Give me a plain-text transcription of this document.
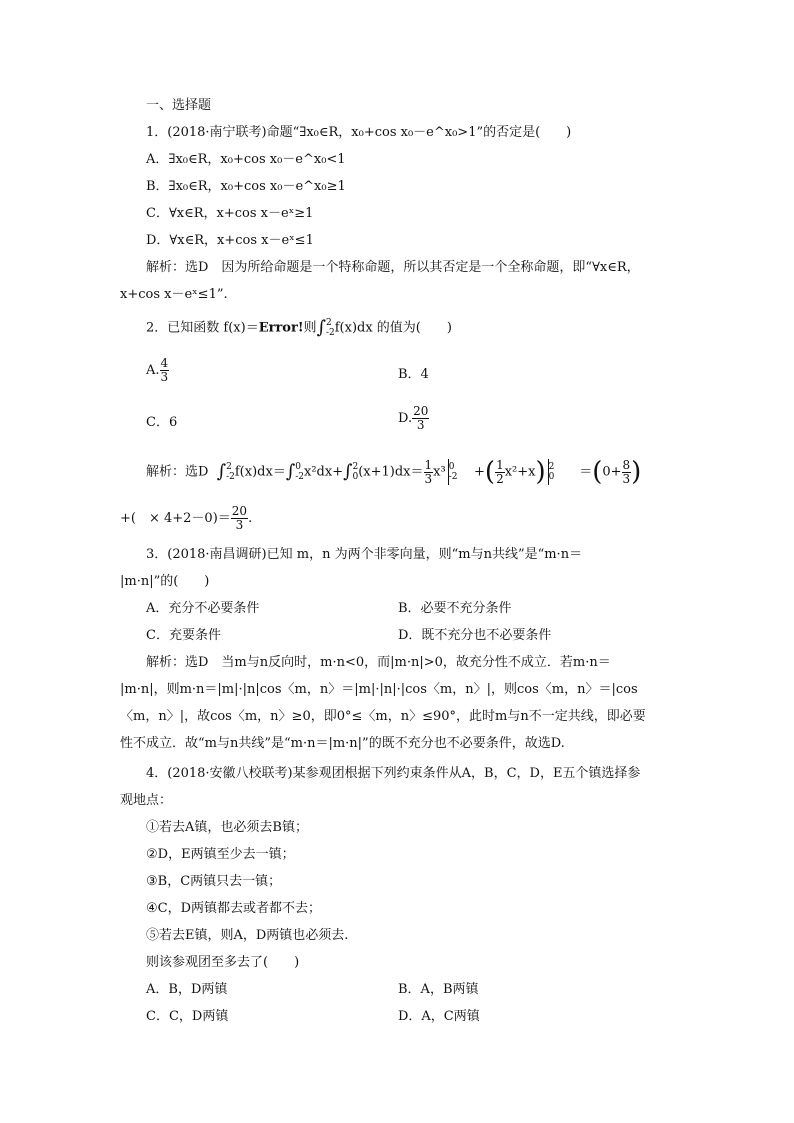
一、选择题
1．(2018·南宁联考)命题“∃x₀∈R，x₀+cos x₀－e^x₀>1”的否定是(　　)
A．∃x₀∈R，x₀+cos x₀－e^x₀<1
B．∃x₀∈R，x₀+cos x₀－e^x₀≥1
C．∀x∈R，x+cos x－eˣ≥1
D．∀x∈R，x+cos x－eˣ≤1
解析：选D　因为所给命题是一个特称命题，所以其否定是一个全称命题，即“∀x∈R，
x+cos x－eˣ≤1”.
2．已知函数 f(x)＝Error!则∫ 2
-2 f(x)dx 的值为(　　)
A. $\frac{4}{3}$	B．4
C．6	D. $\frac{20}{3}$
解析：选D ∫ 2
-2 f(x)dx＝∫ 0
-2 x²dx+∫ 2
0 $(x+1)dx= \frac{1}{3} x^3$ 0
-2 +( $\frac{1}{2} x^2+x$) 2
$0 =(0+ \frac{8}{3}$ )
+(　× $4+2-0)= \frac{20}{3}$ .
3．(2018·南昌调研)已知 m，n 为两个非零向量，则“m与n共线”是“m·n＝
|m·n|”的(　　)
A．充分不必要条件	B．必要不充分条件
C．充要条件	D．既不充分也不必要条件
解析：选D　当m与n反向时，m·n<0，而|m·n|>0，故充分性不成立．若m·n＝
|m·n|，则m·n＝|m|·|n|cos〈m，n〉＝|m|·|n|·|cos〈m，n〉|，则cos〈m，n〉＝|cos
〈m，n〉|，故cos〈m，n〉≥0，即0°≤〈m，n〉≤90°，此时m与n不一定共线，即必要
性不成立．故“m与n共线”是“m·n＝|m·n|”的既不充分也不必要条件，故选D.
4．(2018·安徽八校联考)某参观团根据下列约束条件从A，B，C，D，E五个镇选择参
观地点：
①若去A镇，也必须去B镇；
②D，E两镇至少去一镇；
③B，C两镇只去一镇；
④C，D两镇都去或者都不去；
⑤若去E镇，则A，D两镇也必须去.
则该参观团至多去了(　　)
A．B，D两镇	B．A，B两镇
C．C，D两镇	D．A，C两镇
